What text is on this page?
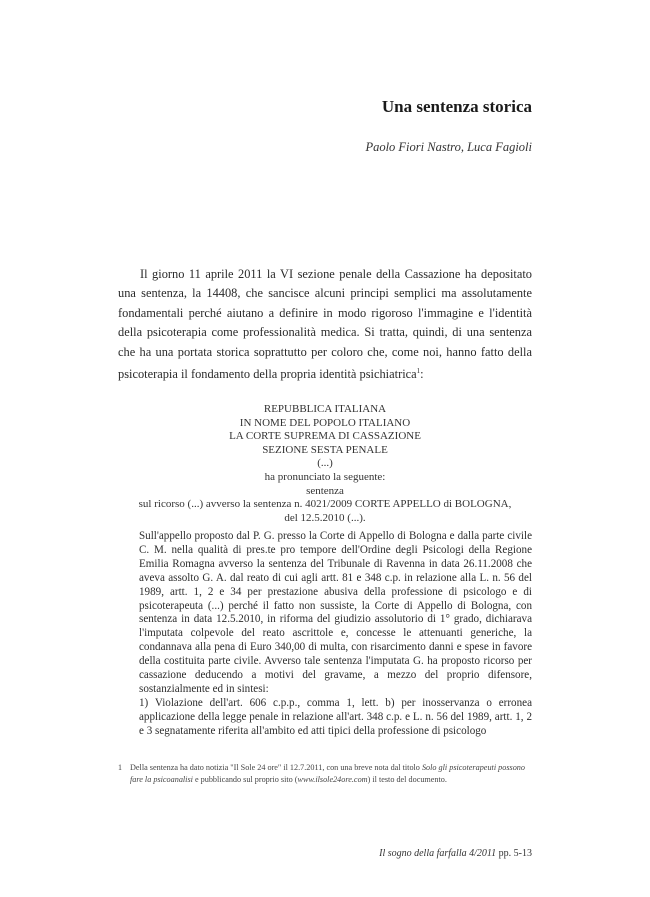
Una sentenza storica
Paolo Fiori Nastro, Luca Fagioli

Il giorno 11 aprile 2011 la VI sezione penale della Cassazione ha depositato una sentenza, la 14408, che sancisce alcuni principi semplici ma assolutamente fondamentali perché aiutano a definire in modo rigoroso l'immagine e l'identità della psicoterapia come professionalità medica. Si tratta, quindi, di una sentenza che ha una portata storica soprattutto per coloro che, come noi, hanno fatto della psicoterapia il fondamento della propria identità psichiatrica$^1$:

REPUBBLICA ITALIANA
IN NOME DEL POPOLO ITALIANO
LA CORTE SUPREMA DI CASSAZIONE
SEZIONE SESTA PENALE
(...)
ha pronunciato la seguente:
sentenza
sul ricorso (...) avverso la sentenza n. 4021/2009 CORTE APPELLO di BOLOGNA,
del 12.5.2010 (...).

Sull'appello proposto dal P. G. presso la Corte di Appello di Bologna e dalla parte civile C. M. nella qualità di pres.te pro tempore dell'Ordine degli Psicologi della Regione Emilia Romagna avverso la sentenza del Tribunale di Ravenna in data 26.11.2008 che aveva assolto G. A. dal reato di cui agli artt. 81 e 348 c.p. in relazione alla L. n. 56 del 1989, artt. 1, 2 e 34 per prestazione abusiva della professione di psicologo e di psicoterapeuta (...) perché il fatto non sussiste, la Corte di Appello di Bologna, con sentenza in data 12.5.2010, in riforma del giudizio assolutorio di 1° grado, dichiarava l'imputata colpevole del reato ascrittole e, concesse le attenuanti generiche, la condannava alla pena di Euro 340,00 di multa, con risarcimento danni e spese in favore della costituita parte civile. Avverso tale sentenza l'imputata G. ha proposto ricorso per cassazione deducendo a motivi del gravame, a mezzo del proprio difensore, sostanzialmente ed in sintesi:

1) Violazione dell'art. 606 c.p.p., comma 1, lett. b) per inosservanza o erronea applicazione della legge penale in relazione all'art. 348 c.p. e L. n. 56 del 1989, artt. 1, 2 e 3 segnatamente riferita all'ambito ed atti tipici della professione di psicologo

1 Della sentenza ha dato notizia "Il Sole 24 ore" il 12.7.2011, con una breve nota dal titolo Solo gli psicoterapeuti possono fare la psicoanalisi e pubblicando sul proprio sito (www.ilsole24ore.com) il testo del documento.

Il sogno della farfalla 4/2011 pp. 5-13
